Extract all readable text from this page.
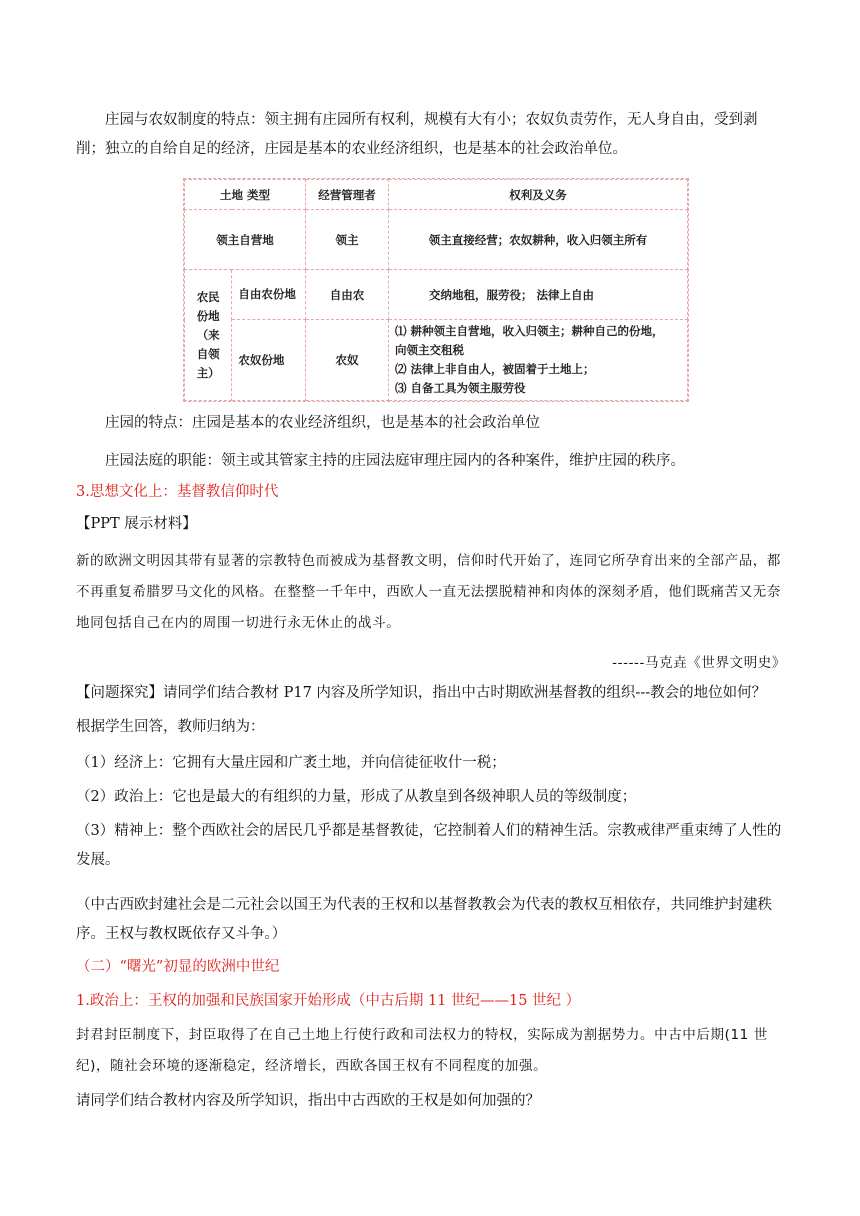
庄园与农奴制度的特点：领主拥有庄园所有权利，规模有大有小；农奴负责劳作，无人身自由，受到剥削；独立的自给自足的经济，庄园是基本的农业经济组织，也是基本的社会政治单位。
土地 类型		经营管理者	权利及义务
领主自营地		领主	领主直接经营；农奴耕种，收入归领主所有
农民份地（来自领主）	自由农份地	自由农	交纳地租，服劳役； 法律上自由
	农奴份地	农奴	⑴ 耕种领主自营地，收入归领主；耕种自己的份地，
向领主交租税
⑵ 法律上非自由人，被固着于土地上；
⑶ 自备工具为领主服劳役
庄园的特点：庄园是基本的农业经济组织，也是基本的社会政治单位
庄园法庭的职能：领主或其管家主持的庄园法庭审理庄园内的各种案件，维护庄园的秩序。
3.思想文化上：基督教信仰时代
【PPT 展示材料】
新的欧洲文明因其带有显著的宗教特色而被成为基督教文明，信仰时代开始了，连同它所孕育出来的全部产品，都不再重复希腊罗马文化的风格。在整整一千年中，西欧人一直无法摆脱精神和肉体的深刻矛盾，他们既痛苦又无奈地同包括自己在内的周围一切进行永无休止的战斗。
------马克垚《世界文明史》
【问题探究】请同学们结合教材 P17 内容及所学知识，指出中古时期欧洲基督教的组织---教会的地位如何？
根据学生回答，教师归纳为：
（1）经济上：它拥有大量庄园和广袤土地，并向信徒征收什一税；
（2）政治上：它也是最大的有组织的力量，形成了从教皇到各级神职人员的等级制度；
（3）精神上：整个西欧社会的居民几乎都是基督教徒，它控制着人们的精神生活。宗教戒律严重束缚了人性的发展。
（中古西欧封建社会是二元社会以国王为代表的王权和以基督教教会为代表的教权互相依存，共同维护封建秩序。王权与教权既依存又斗争。）
（二）“曙光”初显的欧洲中世纪
1.政治上：王权的加强和民族国家开始形成（中古后期 11 世纪——15 世纪 ）
封君封臣制度下，封臣取得了在自己土地上行使行政和司法权力的特权，实际成为割据势力。中古中后期(11 世纪)，随社会环境的逐渐稳定，经济增长，西欧各国王权有不同程度的加强。
请同学们结合教材内容及所学知识，指出中古西欧的王权是如何加强的？
